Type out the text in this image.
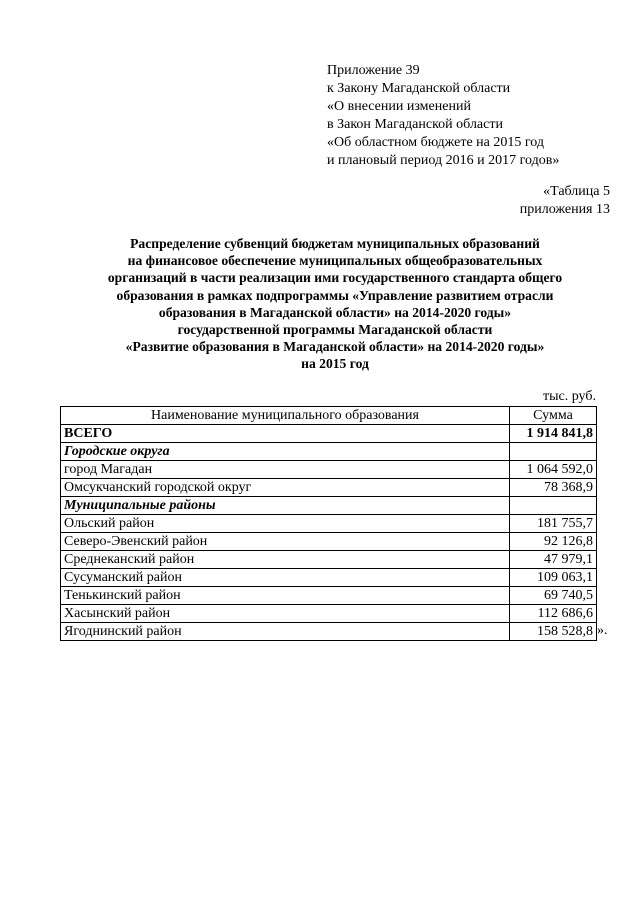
Приложение 39
к Закону Магаданской области
«О внесении изменений
в Закон Магаданской области
«Об областном бюджете на 2015 год
и плановый период 2016 и 2017 годов»
«Таблица 5
приложения 13
Распределение субвенций бюджетам муниципальных образований
на финансовое обеспечение муниципальных общеобразовательных
организаций в части реализации ими государственного стандарта общего
образования в рамках подпрограммы «Управление развитием отрасли
образования в Магаданской области» на 2014-2020 годы»
государственной программы Магаданской области
«Развитие образования в Магаданской области» на 2014-2020 годы»
на 2015 год
тыс. руб.
Наименование муниципального образования	Сумма
ВСЕГО	1 914 841,8
Городские округа	
город Магадан	1 064 592,0
Омсукчанский городской округ	78 368,9
Муниципальные районы	
Ольский район	181 755,7
Северо-Эвенский район	92 126,8
Среднеканский район	47 979,1
Сусуманский район	109 063,1
Тенькинский район	69 740,5
Хасынский район	112 686,6
Ягоднинский район	158 528,8 ».
